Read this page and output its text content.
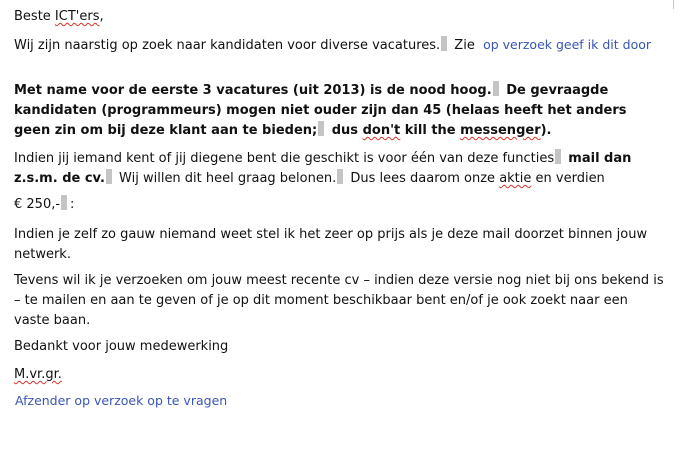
Beste ICT'ers,

Wij zijn naarstig op zoek naar kandidaten voor diverse vacatures. Zie op verzoek geef ik dit door

Met name voor de eerste 3 vacatures (uit 2013) is de nood hoog. De gevraagde kandidaten (programmeurs) mogen niet ouder zijn dan 45 (helaas heeft het anders geen zin om bij deze klant aan te bieden; dus don't kill the messenger).

Indien jij iemand kent of jij diegene bent die geschikt is voor één van deze functies mail dan z.s.m. de cv. Wij willen dit heel graag belonen. Dus lees daarom onze aktie en verdien

€ 250,- :

Indien je zelf zo gauw niemand weet stel ik het zeer op prijs als je deze mail doorzet binnen jouw netwerk.

Tevens wil ik je verzoeken om jouw meest recente cv – indien deze versie nog niet bij ons bekend is – te mailen en aan te geven of je op dit moment beschikbaar bent en/of je ook zoekt naar een vaste baan.

Bedankt voor jouw medewerking

M.vr.gr.

Afzender op verzoek op te vragen
